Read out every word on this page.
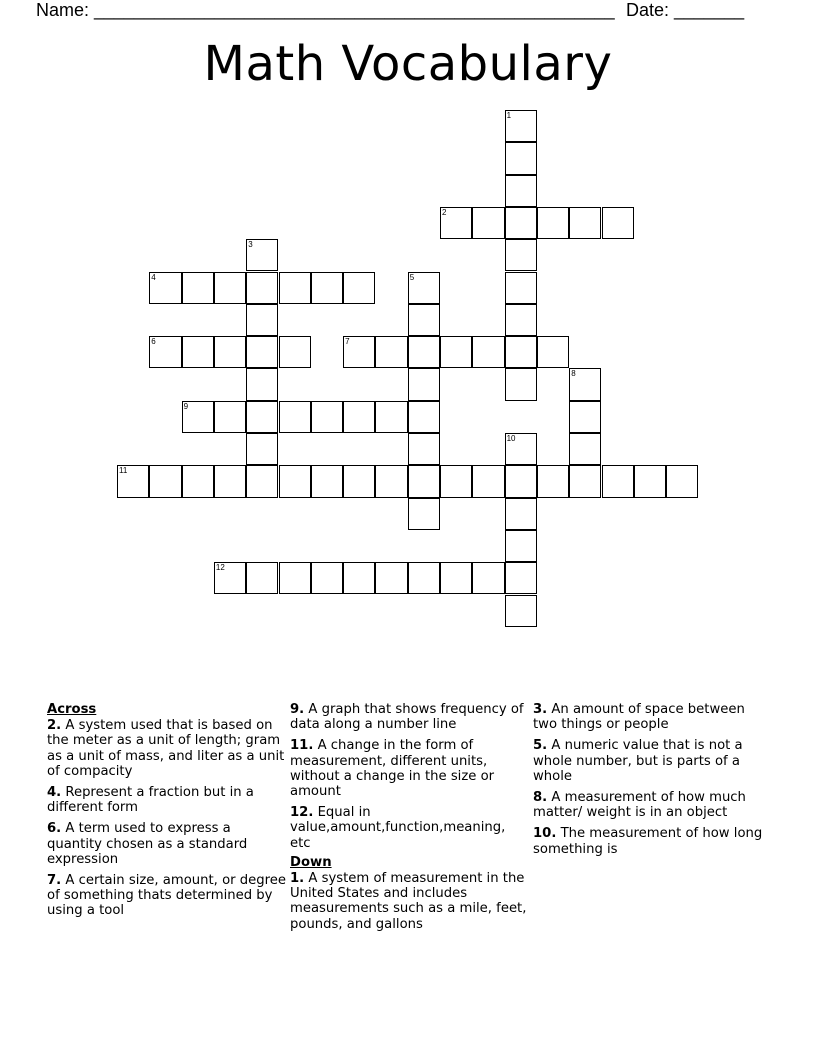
Name: ____________________________________________________ Date: _______
Math Vocabulary
1
2
3
4	5
6	7
8
9
10
11
12
Across
2. A system used that is based on the meter as a unit of length; gram as a unit of mass, and liter as a unit of compacity
4. Represent a fraction but in a different form
6. A term used to express a quantity chosen as a standard expression
7. A certain size, amount, or degree of something thats determined by using a tool
9. A graph that shows frequency of data along a number line
11. A change in the form of measurement, different units, without a change in the size or amount
12. Equal in value,amount,function,meaning, etc
Down
1. A system of measurement in the United States and includes measurements such as a mile, feet, pounds, and gallons
3. An amount of space between two things or people
5. A numeric value that is not a whole number, but is parts of a whole
8. A measurement of how much matter/ weight is in an object
10. The measurement of how long something is
